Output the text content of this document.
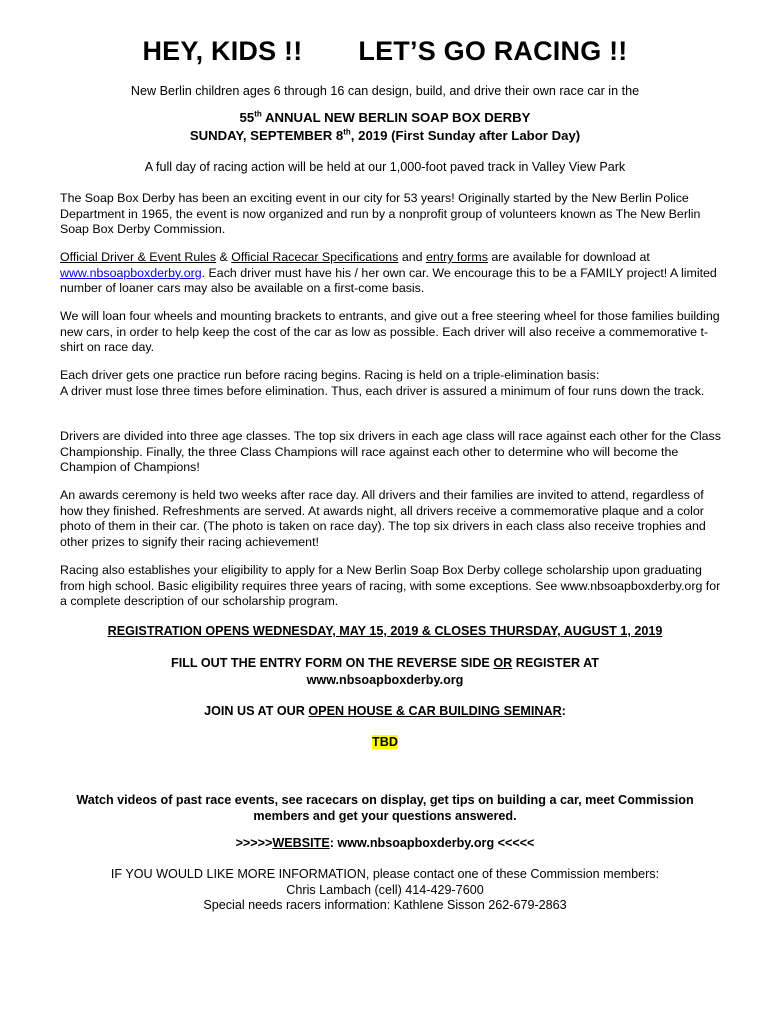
HEY, KIDS !! LET’S GO RACING !!
New Berlin children ages 6 through 16 can design, build, and drive their own race car in the
55th ANNUAL NEW BERLIN SOAP BOX DERBY
SUNDAY, SEPTEMBER 8th, 2019 (First Sunday after Labor Day)
A full day of racing action will be held at our 1,000-foot paved track in Valley View Park
The Soap Box Derby has been an exciting event in our city for 53 years! Originally started by the New Berlin Police Department in 1965, the event is now organized and run by a nonprofit group of volunteers known as The New Berlin Soap Box Derby Commission.
Official Driver & Event Rules & Official Racecar Specifications and entry forms are available for download at www.nbsoapboxderby.org. Each driver must have his / her own car. We encourage this to be a FAMILY project! A limited number of loaner cars may also be available on a first-come basis.
We will loan four wheels and mounting brackets to entrants, and give out a free steering wheel for those families building new cars, in order to help keep the cost of the car as low as possible. Each driver will also receive a commemorative t-shirt on race day.
Each driver gets one practice run before racing begins. Racing is held on a triple-elimination basis:
A driver must lose three times before elimination. Thus, each driver is assured a minimum of four runs down the track.
Drivers are divided into three age classes. The top six drivers in each age class will race against each other for the Class Championship. Finally, the three Class Champions will race against each other to determine who will become the Champion of Champions!
An awards ceremony is held two weeks after race day. All drivers and their families are invited to attend, regardless of how they finished. Refreshments are served. At awards night, all drivers receive a commemorative plaque and a color photo of them in their car. (The photo is taken on race day). The top six drivers in each class also receive trophies and other prizes to signify their racing achievement!
Racing also establishes your eligibility to apply for a New Berlin Soap Box Derby college scholarship upon graduating from high school. Basic eligibility requires three years of racing, with some exceptions. See www.nbsoapboxderby.org for a complete description of our scholarship program.
REGISTRATION OPENS WEDNESDAY, MAY 15, 2019 & CLOSES THURSDAY, AUGUST 1, 2019
FILL OUT THE ENTRY FORM ON THE REVERSE SIDE OR REGISTER AT
www.nbsoapboxderby.org
JOIN US AT OUR OPEN HOUSE & CAR BUILDING SEMINAR:
TBD
Watch videos of past race events, see racecars on display, get tips on building a car, meet Commission members and get your questions answered.
>>>>>WEBSITE: www.nbsoapboxderby.org <<<<<
IF YOU WOULD LIKE MORE INFORMATION, please contact one of these Commission members:
Chris Lambach (cell) 414-429-7600
Special needs racers information: Kathlene Sisson 262-679-2863
